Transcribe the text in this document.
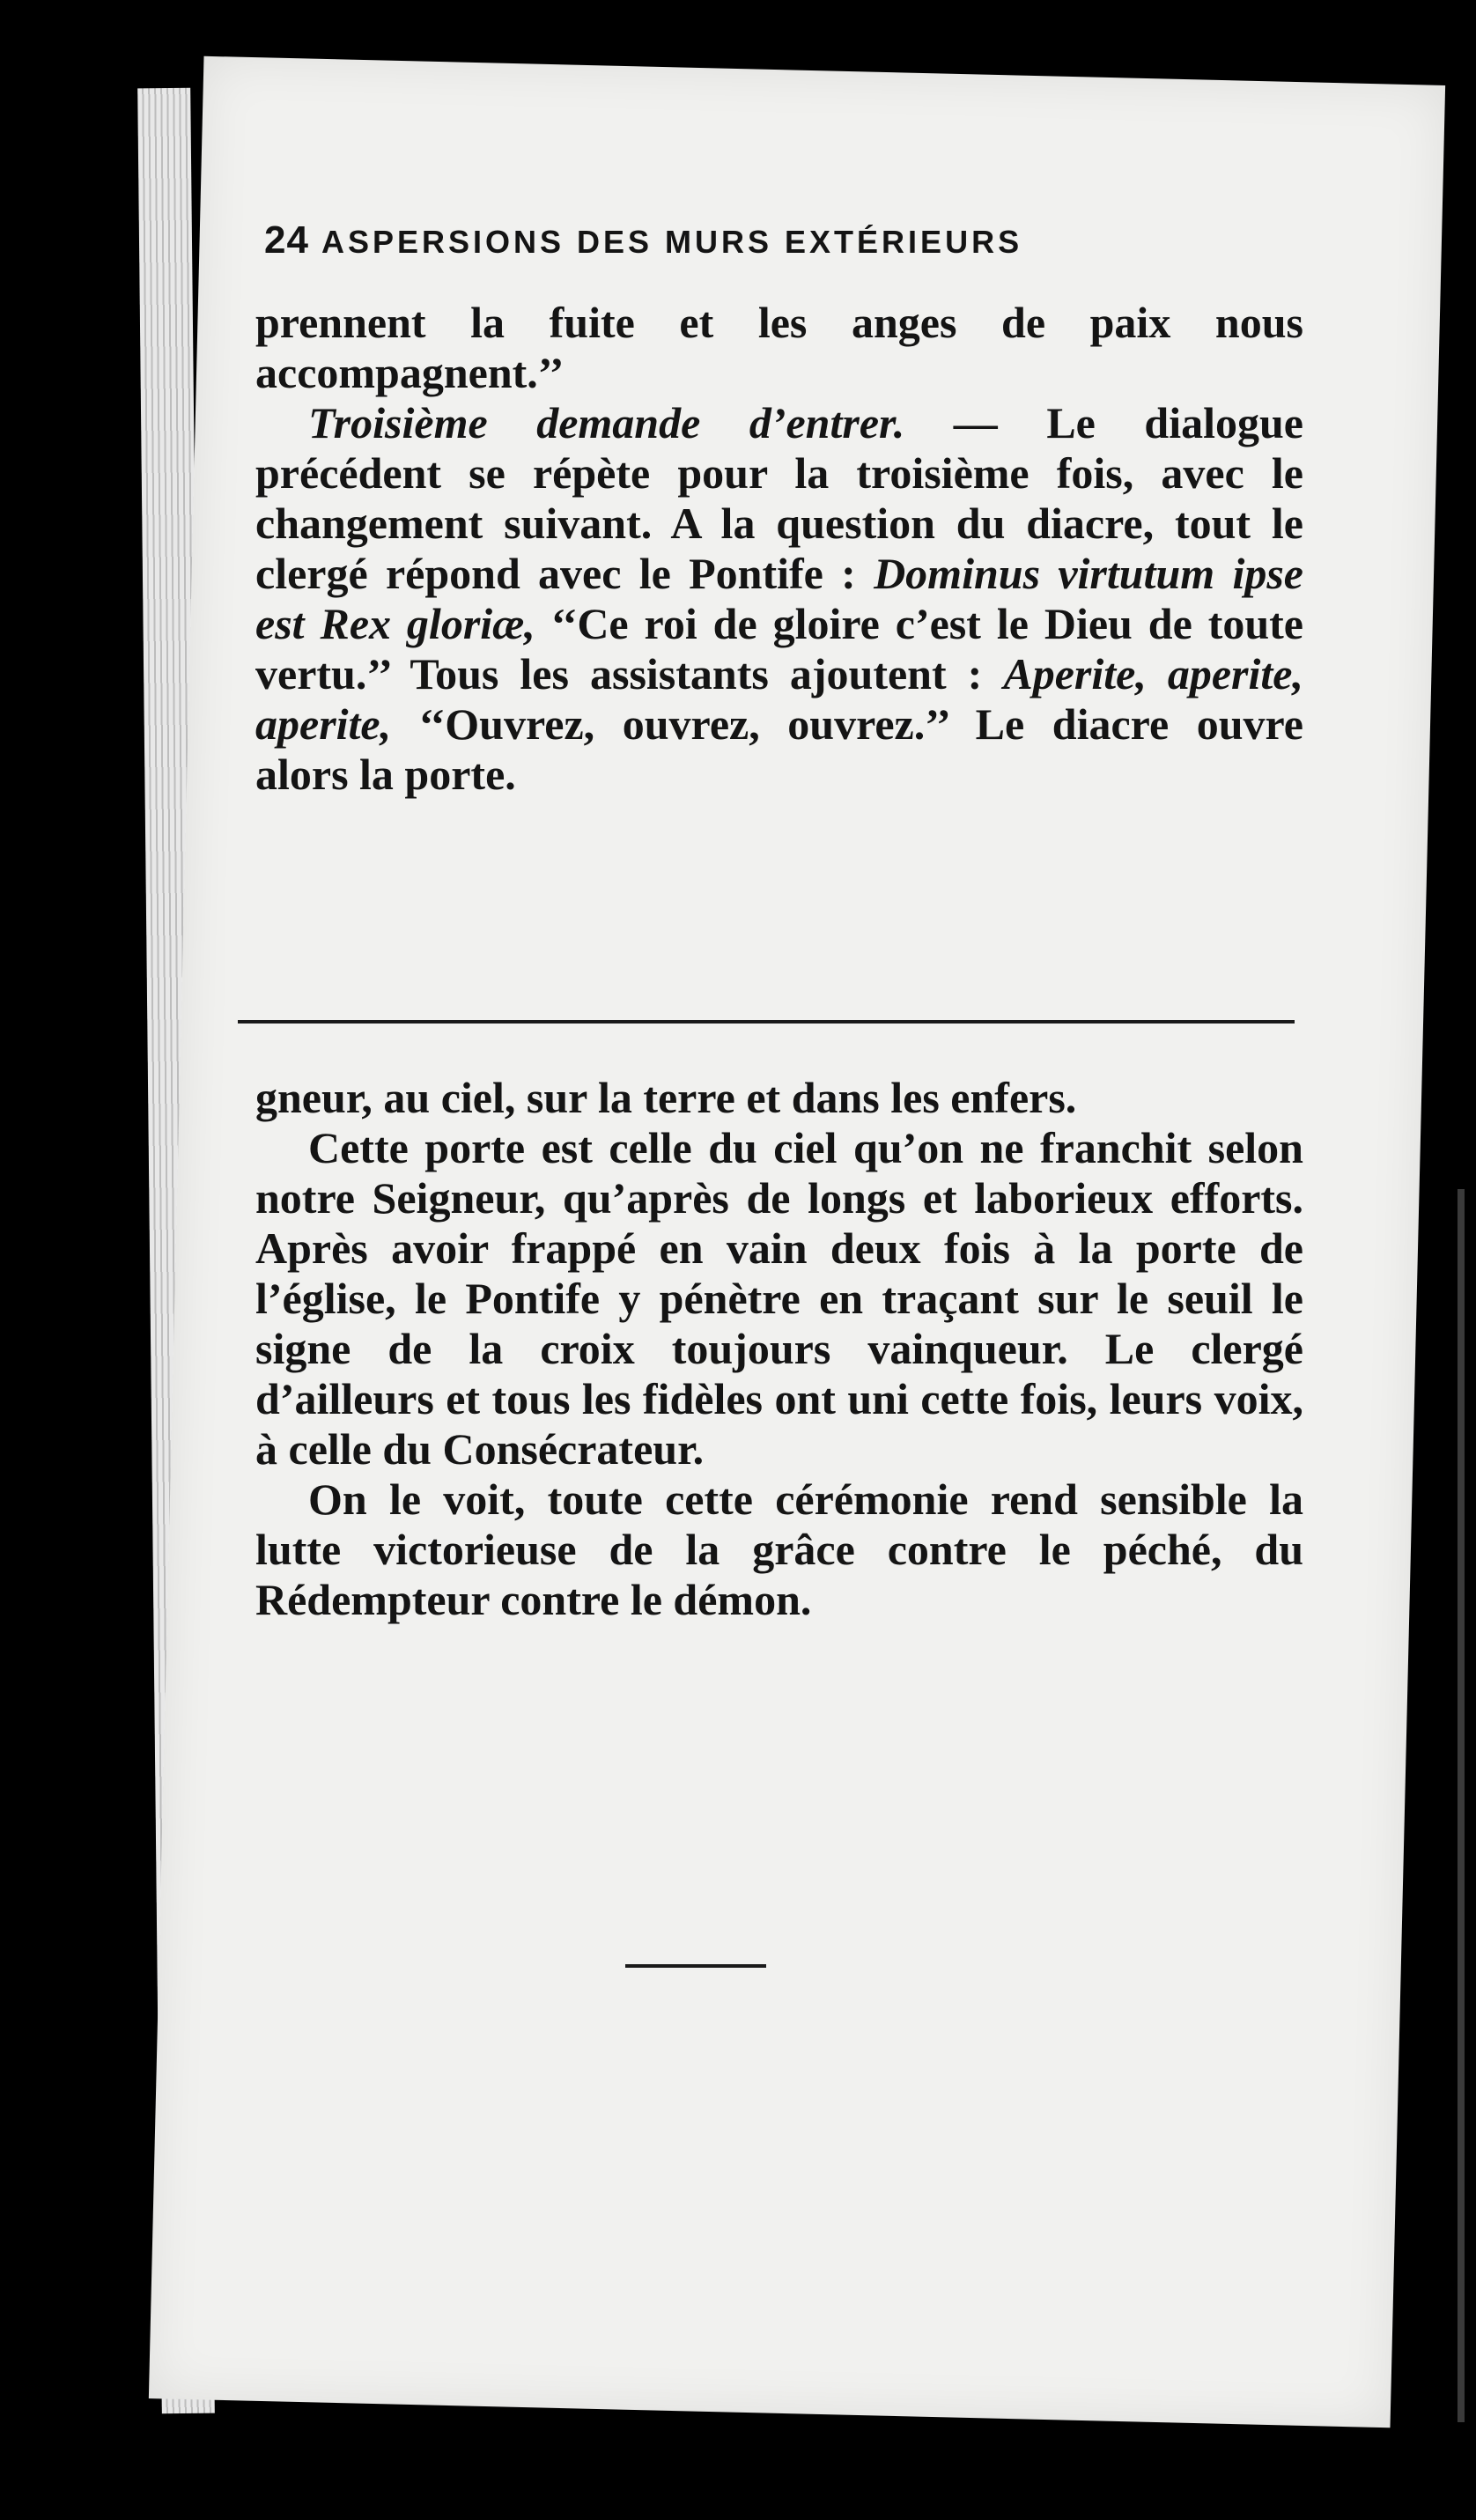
24 ASPERSIONS DES MURS EXTÉRIEURS

prennent la fuite et les anges de paix nous accompagnent.’’

Troisième demande d’entrer. — Le dialogue précédent se répète pour la troisième fois, avec le changement suivant. A la question du diacre, tout le clergé répond avec le Pontife : Dominus virtutum ipse est Rex gloriæ, ‘‘Ce roi de gloire c’est le Dieu de toute vertu.’’ Tous les assistants ajoutent : Aperite, aperite, aperite, ‘‘Ouvrez, ouvrez, ouvrez.’’ Le diacre ouvre alors la porte.

gneur, au ciel, sur la terre et dans les enfers.

Cette porte est celle du ciel qu’on ne franchit selon notre Seigneur, qu’après de longs et laborieux efforts. Après avoir frappé en vain deux fois à la porte de l’église, le Pontife y pénètre en traçant sur le seuil le signe de la croix toujours vainqueur. Le clergé d’ailleurs et tous les fidèles ont uni cette fois, leurs voix, à celle du Consécrateur.

On le voit, toute cette cérémonie rend sensible la lutte victorieuse de la grâce contre le péché, du Rédempteur contre le démon.
